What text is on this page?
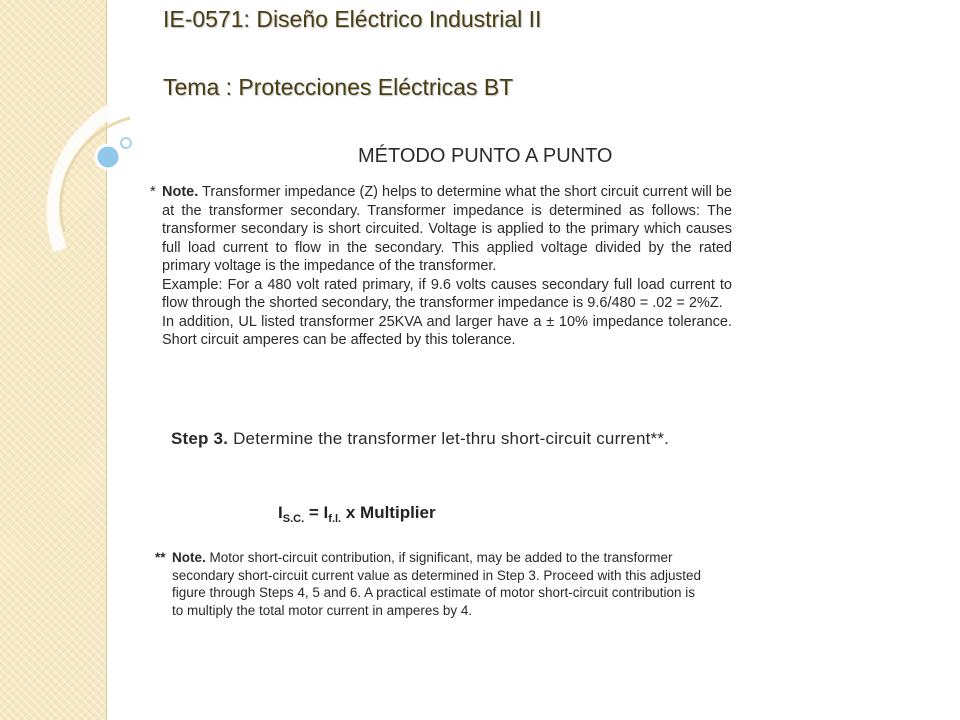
IE-0571: Diseño Eléctrico Industrial II
Tema : Protecciones Eléctricas BT
MÉTODO PUNTO A PUNTO
* Note. Transformer impedance (Z) helps to determine what the short circuit current will be at the transformer secondary. Transformer impedance is determined as follows: The transformer secondary is short circuited. Voltage is applied to the primary which causes full load current to flow in the secondary. This applied voltage divided by the rated primary voltage is the impedance of the transformer.

Example: For a 480 volt rated primary, if 9.6 volts causes secondary full load current to flow through the shorted secondary, the transformer impedance is 9.6/480 = .02 = 2%Z.

In addition, UL listed transformer 25KVA and larger have a ± 10% impedance tolerance. Short circuit amperes can be affected by this tolerance.

Step 3. Determine the transformer let-thru short-circuit current**.
$I_{S.C.} = I_{f.l.}$ x Multiplier
** Note. Motor short-circuit contribution, if significant, may be added to the transformer secondary short-circuit current value as determined in Step 3. Proceed with this adjusted figure through Steps 4, 5 and 6. A practical estimate of motor short-circuit contribution is to multiply the total motor current in amperes by 4.
